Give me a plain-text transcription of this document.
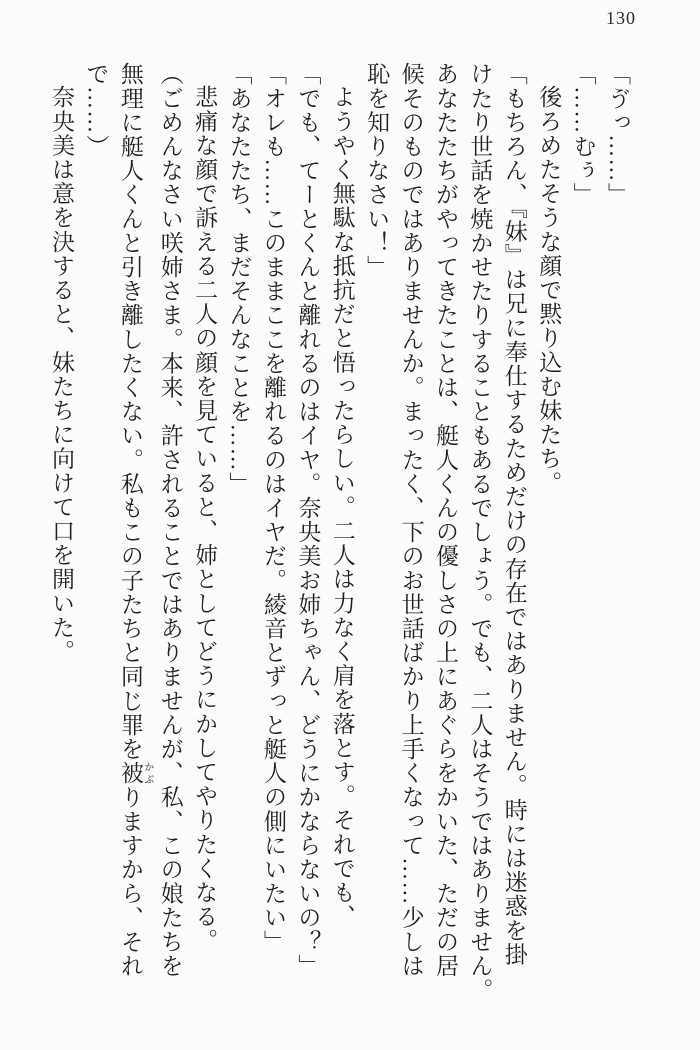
130
「ゔっ……」
「……むぅ」
後ろめたそうな顔で黙り込む妹たち。
「もちろん、『妹』は兄に奉仕するためだけの存在ではありません。時には迷惑を掛
けたり世話を焼かせたりすることもあるでしょう。でも、二人はそうではありません。
あなたたちがやってきたことは、艇人くんの優しさの上にあぐらをかいた、ただの居
候そのものではありませんか。まったく、下のお世話ばかり上手くなって……少しは
恥を知りなさい！」
ようやく無駄な抵抗だと悟ったらしい。二人は力なく肩を落とす。それでも、
「でも、てーとくんと離れるのはイヤ。奈央美お姉ちゃん、どうにかならないの？」
「オレも……このままここを離れるのはイヤだ。綾音とずっと艇人の側にいたい」
「あなたたち、まだそんなことを……」
悲痛な顔で訴える二人の顔を見ていると、姉としてどうにかしてやりたくなる。
（ごめんなさい咲姉さま。本来、許されることではありませんが、私、この娘たちを
無理に艇人くんと引き離したくない。私もこの子たちと同じ罪を被 かぶりますから、それ
で……）
奈央美は意を決すると、妹たちに向けて口を開いた。
